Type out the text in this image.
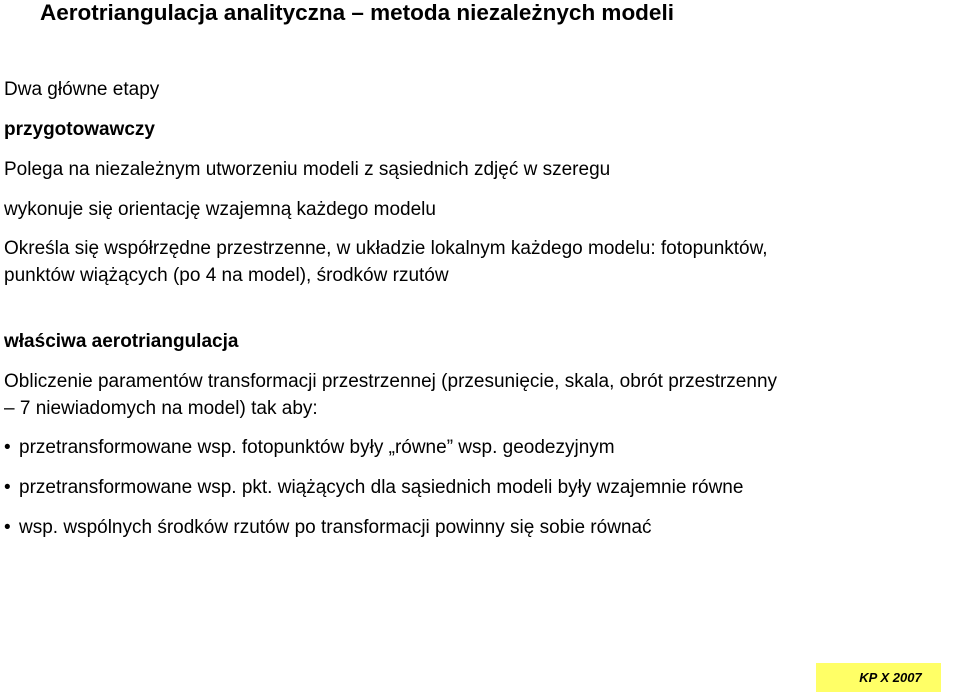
Aerotriangulacja analityczna – metoda niezależnych modeli
Dwa główne etapy
przygotowawczy
Polega na niezależnym utworzeniu modeli z sąsiednich zdjęć w szeregu
wykonuje się orientację wzajemną każdego modelu
Określa się współrzędne przestrzenne, w układzie lokalnym każdego modelu: fotopunktów,
punktów wiążących (po 4 na model), środków rzutów
właściwa aerotriangulacja
Obliczenie paramentów transformacji przestrzennej (przesunięcie, skala, obrót przestrzenny
– 7 niewiadomych na model) tak aby:
• przetransformowane wsp. fotopunktów były „równe” wsp. geodezyjnym
• przetransformowane wsp. pkt. wiążących dla sąsiednich modeli były wzajemnie równe
• wsp. wspólnych środków rzutów po transformacji powinny się sobie równać
KP X 2007
